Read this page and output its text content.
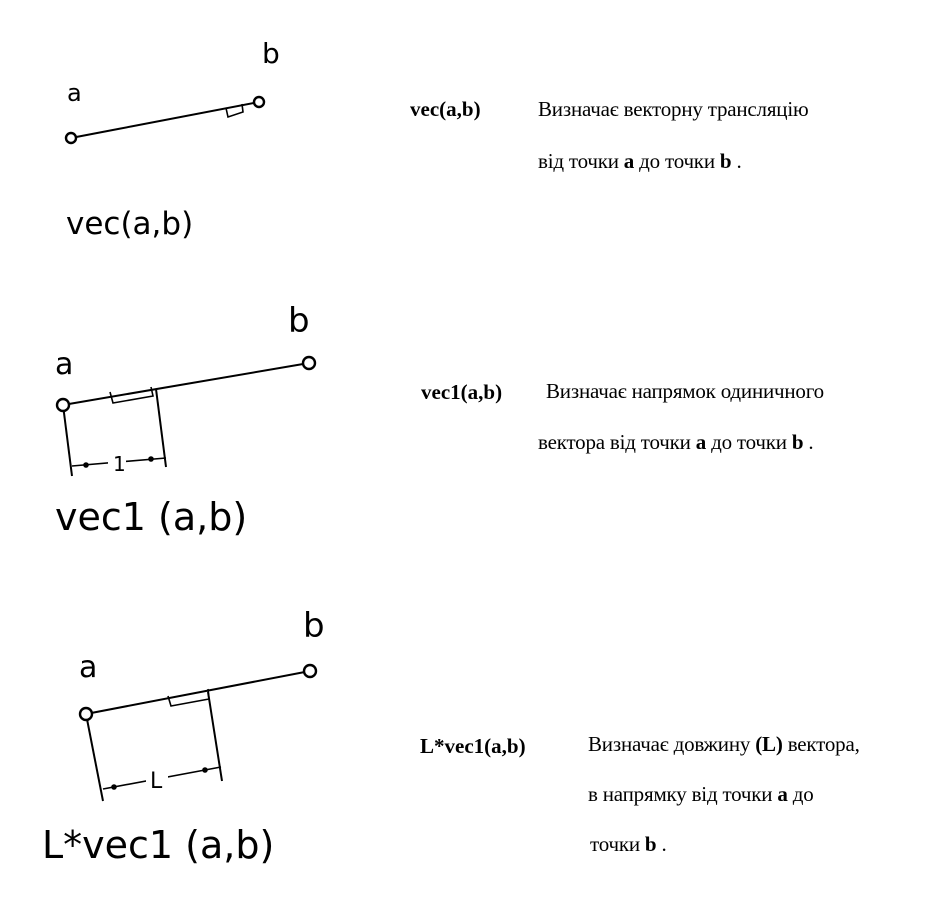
a
b
vec(a,b)
1
a
b
vec1 (a,b)
L
a
b
L*vec1 (a,b)
vec(a,b)	Визначає векторну трансляцію
від точки a до точки b .
vec1(a,b) Визначає напрямок одиничного
вектора від точки a до точки b .
L*vec1(a,b)	Визначає довжину (L) вектора,
в напрямку від точки a до
точки b .
